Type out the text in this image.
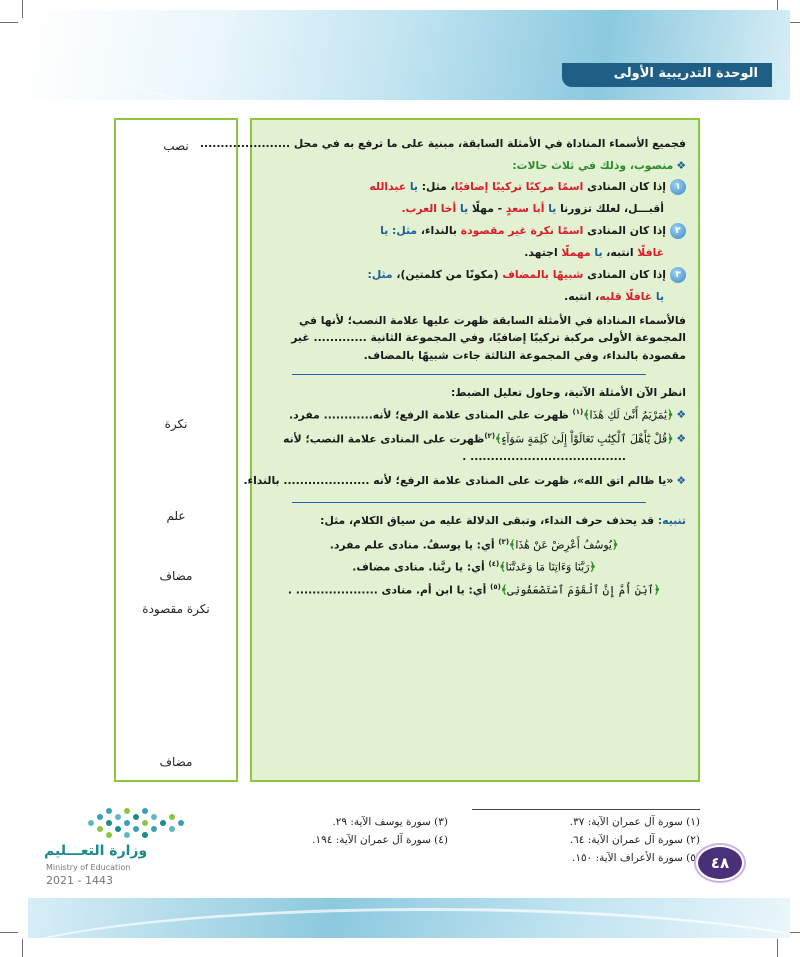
الوحدة التدريبية الأولى
نصب
نكرة
علم
مضاف
نكرة مقصودة
مضاف
فجميع الأسماء المناداة في الأمثلة السابقة، مبنية على ما ترفع به في محل ......................
❖منصوب، وذلك في ثلاث حالات:
١إذا كان المنادى اسمًا مركبًا تركيبًا إضافيًا، مثل: يا عبدالله
أقبـــل، لعلك تزورنا يا أبا سعدٍ - مهلًا يا أخا العرب.
٢إذا كان المنادى اسمًا نكرة غير مقصودة بالنداء، مثل: يا
غافلًا انتبه، يا مهملًا اجتهد.
٣إذا كان المنادى شبيهًا بالمضاف (مكونًا من كلمتين)، مثل:
يا غافلًا قلبه، انتبه.
فالأسماء المناداة في الأمثلة السابقة ظهرت عليها علامة النصب؛ لأنها في المجموعة الأولى مركبة تركيبًا إضافيًا، وفي المجموعة الثانية ............. غير مقصودة بالنداء، وفي المجموعة الثالثة جاءت شبيهًا بالمضاف.
انظر الآن الأمثلة الآتية، وحاول تعليل الضبط:
❖﴿يَٰمَرْيَمُ أَنَّىٰ لَكِ هَٰذَا﴾$^{(١)}$ ظهرت على المنادى علامة الرفع؛ لأنه............ مفرد.
❖﴿قُلْ يَٰٓأَهْلَ ٱلْكِتَٰبِ تَعَالَوْاْ إِلَىٰ كَلِمَةٍ سَوَآءٍ﴾$^{(٢)}$ظهرت على المنادى علامة النصب؛ لأنه
...................................... .
❖«يا ظالم اتق الله»، ظهرت على المنادى علامة الرفع؛ لأنه ..................... بالنداء.
تنبيه: قد يحذف حرف النداء، وتبقى الدلالة عليه من سياق الكلام، مثل:
﴿يُوسُفُ أَعْرِضْ عَنْ هَٰذَا﴾$^{(٣)}$ أي: يا يوسفُ. منادى علم مفرد.
﴿رَبَّنَا وَءَاتِنَا مَا وَعَدتَّنَا﴾$^{(٤)}$ أي: يا ربَّنا. منادى مضاف.
﴿ٱبْنَ أُمَّ إِنَّ ٱلْقَوْمَ ٱسْتَضْعَفُونِى﴾$^{(٥)}$ أي: يا ابن أم. منادى .................... .
(١) سورة آل عمران الآية: ٣٧.
(٢) سورة آل عمران الآية: ٦٤.
٥) سورة الأعراف الآية: ١٥٠.
(٣) سورة يوسف الآية: ٢٩.
(٤) سورة آل عمران الآية: ١٩٤.
٤٨
وزارة التعـــليم
Ministry of Education
2021 - 1443
